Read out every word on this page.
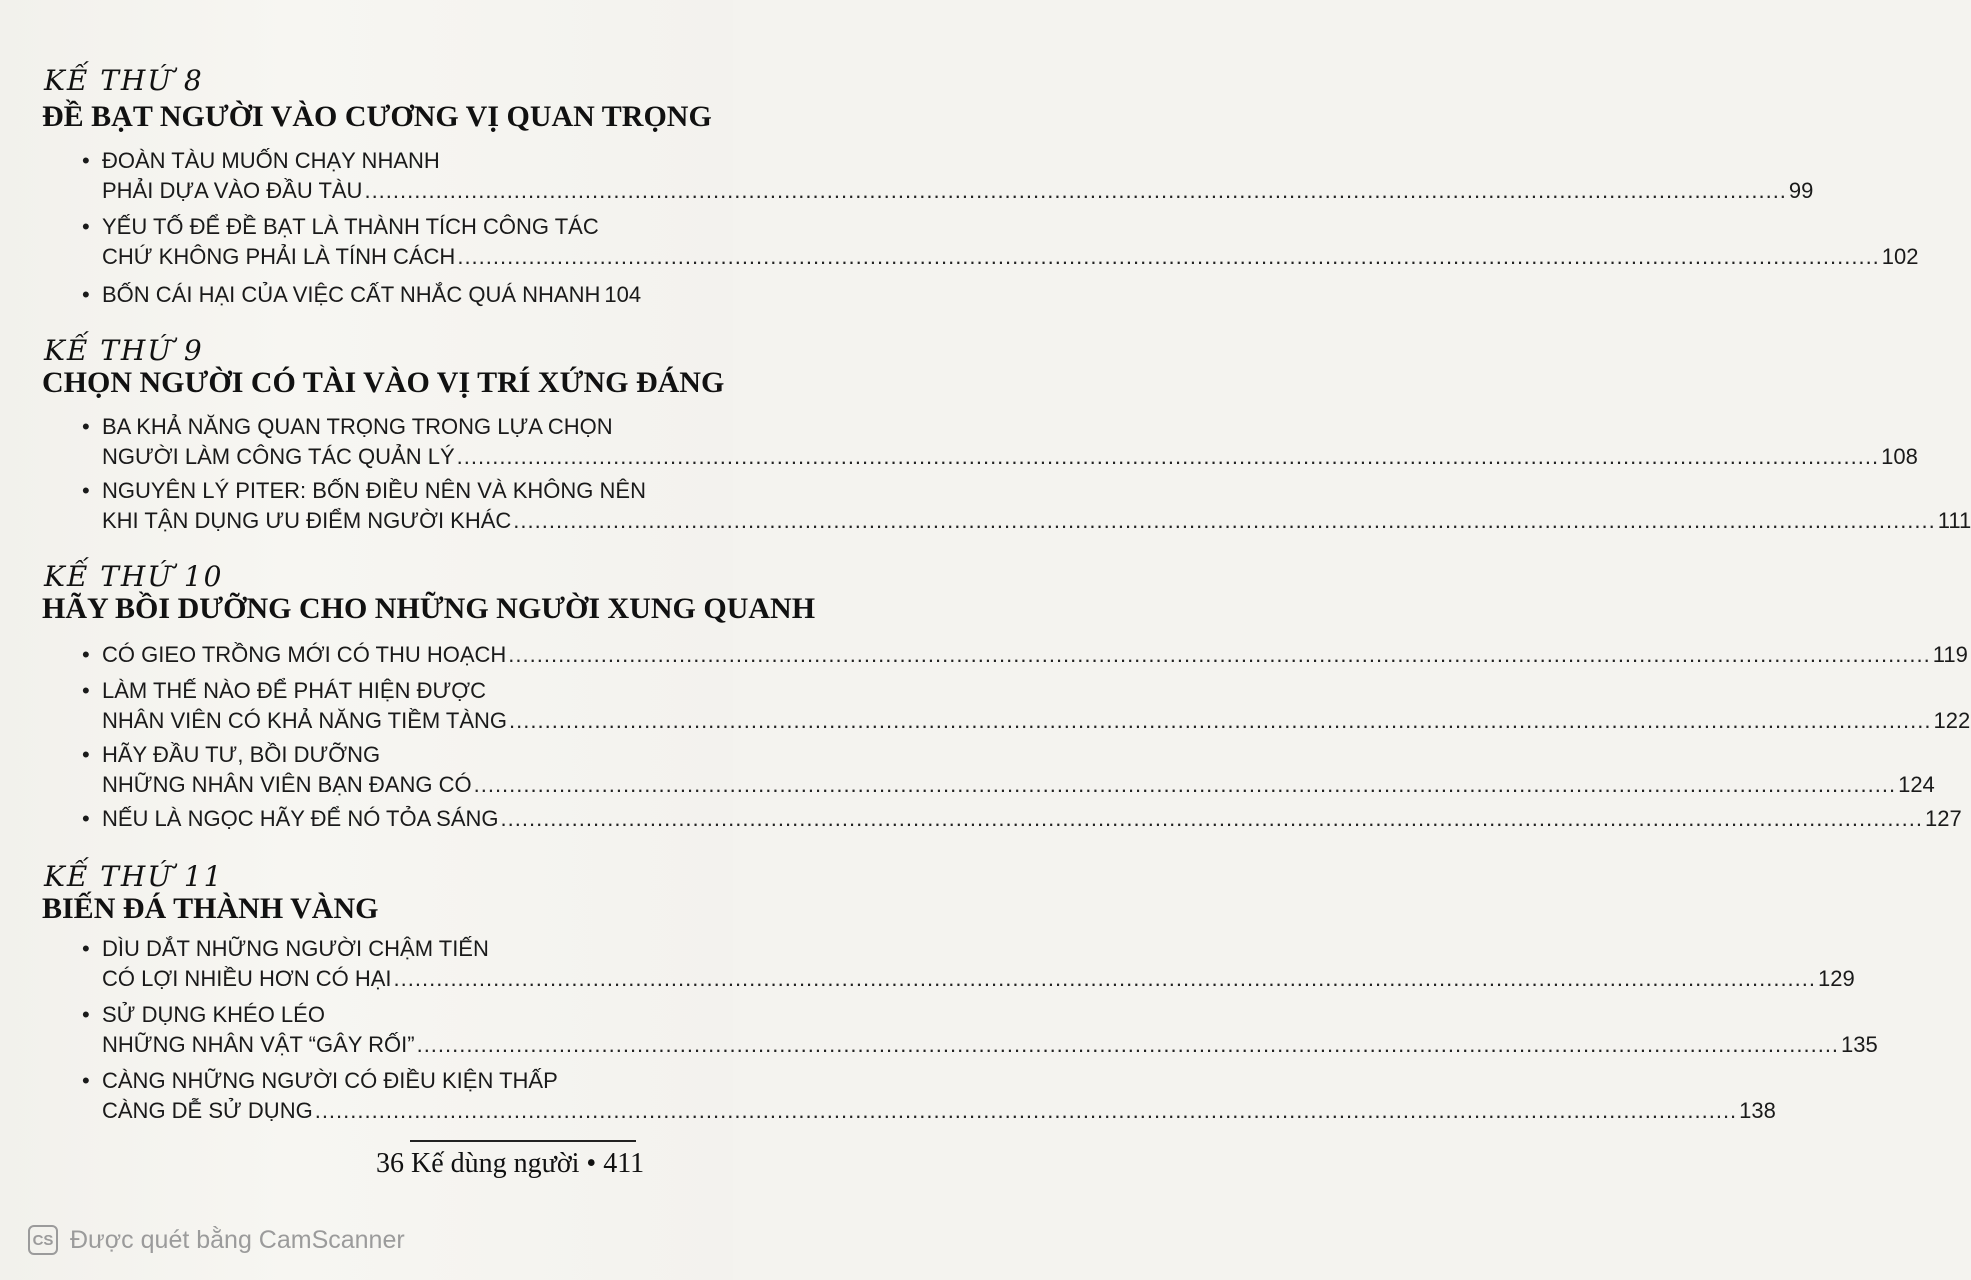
KẾ THỨ 8
ĐỀ BẠT NGƯỜI VÀO CƯƠNG VỊ QUAN TRỌNG
• ĐOÀN TÀU MUỐN CHẠY NHANH
PHẢI DỰA VÀO ĐẦU TÀU ........................................................................................................................................................................................................ 99
• YẾU TỐ ĐỂ ĐỀ BẠT LÀ THÀNH TÍCH CÔNG TÁC
CHỨ KHÔNG PHẢI LÀ TÍNH CÁCH ........................................................................................................................................................................................................ 102
• BỐN CÁI HẠI CỦA VIỆC CẤT NHẮC QUÁ NHANH 104
KẾ THỨ 9
CHỌN NGƯỜI CÓ TÀI VÀO VỊ TRÍ XỨNG ĐÁNG
• BA KHẢ NĂNG QUAN TRỌNG TRONG LỰA CHỌN
NGƯỜI LÀM CÔNG TÁC QUẢN LÝ ........................................................................................................................................................................................................ 108
• NGUYÊN LÝ PITER: BỐN ĐIỀU NÊN VÀ KHÔNG NÊN
KHI TẬN DỤNG ƯU ĐIỂM NGƯỜI KHÁC ........................................................................................................................................................................................................ 111
KẾ THỨ 10
HÃY BỒI DƯỠNG CHO NHỮNG NGƯỜI XUNG QUANH
• CÓ GIEO TRỒNG MỚI CÓ THU HOẠCH ........................................................................................................................................................................................................ 119
• LÀM THẾ NÀO ĐỂ PHÁT HIỆN ĐƯỢC
NHÂN VIÊN CÓ KHẢ NĂNG TIỀM TÀNG ........................................................................................................................................................................................................ 122
• HÃY ĐẦU TƯ, BỒI DƯỠNG
NHỮNG NHÂN VIÊN BẠN ĐANG CÓ ........................................................................................................................................................................................................ 124
• NẾU LÀ NGỌC HÃY ĐỂ NÓ TỎA SÁNG ........................................................................................................................................................................................................ 127
KẾ THỨ 11
BIẾN ĐÁ THÀNH VÀNG
• DÌU DẮT NHỮNG NGƯỜI CHẬM TIẾN
CÓ LỢI NHIỀU HƠN CÓ HẠI ........................................................................................................................................................................................................ 129
• SỬ DỤNG KHÉO LÉO
NHỮNG NHÂN VẬT “GÂY RỐI” ........................................................................................................................................................................................................ 135
• CÀNG NHỮNG NGƯỜI CÓ ĐIỀU KIỆN THẤP
CÀNG DỄ SỬ DỤNG ........................................................................................................................................................................................................ 138
36 Kế dùng người • 411
CS Được quét bằng CamScanner
